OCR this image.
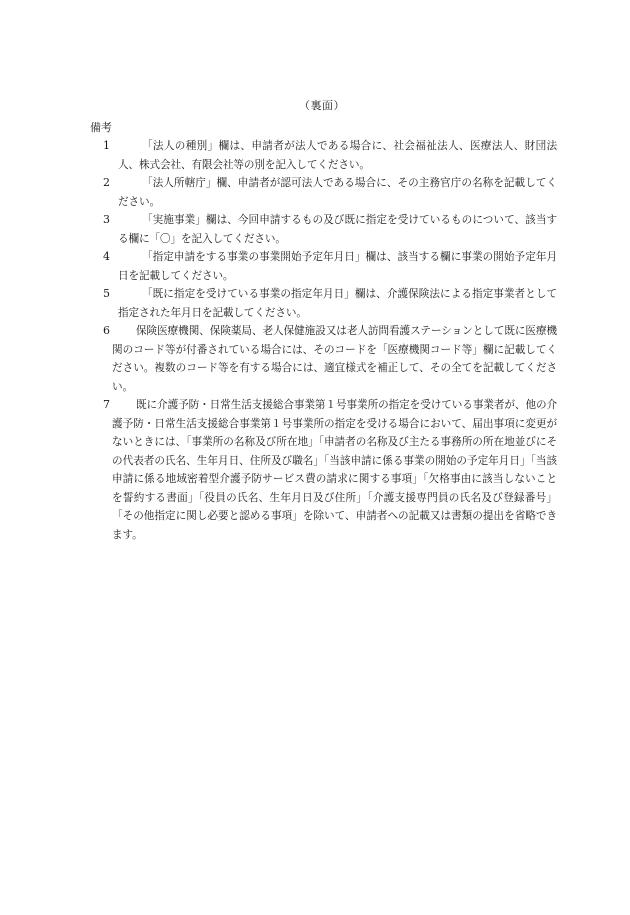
（裏面）
備考
1	「法人の種別」欄は、申請者が法人である場合に、社会福祉法人、医療法人、財団法人、株式会社、有限会社等の別を記入してください。

2	「法人所轄庁」欄、申請者が認可法人である場合に、その主務官庁の名称を記載してください。

3	「実施事業」欄は、今回申請するもの及び既に指定を受けているものについて、該当する欄に「〇」を記入してください。

4	「指定申請をする事業の事業開始予定年月日」欄は、該当する欄に事業の開始予定年月日を記載してください。

5	「既に指定を受けている事業の指定年月日」欄は、介護保険法による指定事業者として指定された年月日を記載してください。

6	保険医療機関、保険薬局、老人保健施設又は老人訪問看護ステーションとして既に医療機関のコード等が付番されている場合には、そのコードを「医療機関コード等」欄に記載してください。複数のコード等を有する場合には、適宜様式を補正して、その全てを記載してください。

7	既に介護予防・日常生活支援総合事業第１号事業所の指定を受けている事業者が、他の介護予防・日常生活支援総合事業第１号事業所の指定を受ける場合において、届出事項に変更がないときには、「事業所の名称及び所在地」「申請者の名称及び主たる事務所の所在地並びにその代表者の氏名、生年月日、住所及び職名」「当該申請に係る事業の開始の予定年月日」「当該申請に係る地域密着型介護予防サービス費の請求に関する事項」「欠格事由に該当しないことを誓約する書面」「役員の氏名、生年月日及び住所」「介護支援専門員の氏名及び登録番号」「その他指定に関し必要と認める事項」を除いて、申請者への記載又は書類の提出を省略できます。
